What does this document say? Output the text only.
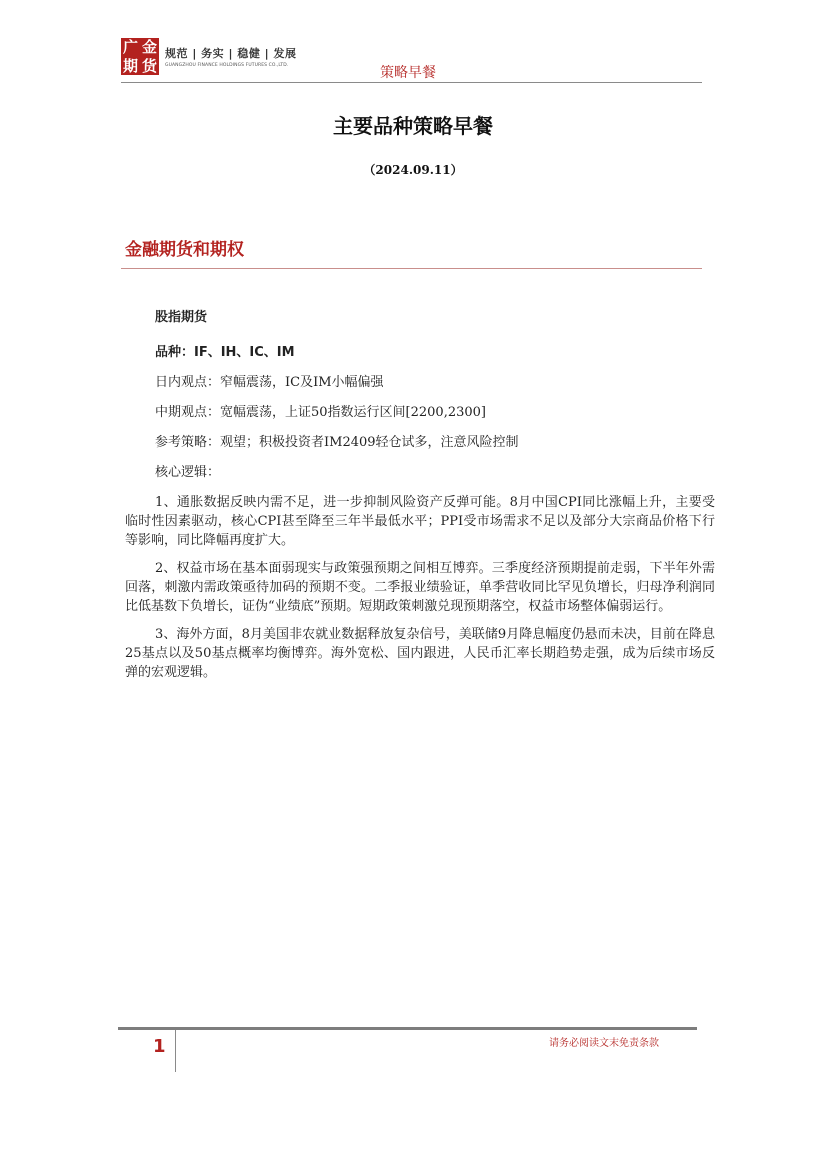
广 金
期 货
规范 | 务实 | 稳健 | 发展
GUANGZHOU FINANCE HOLDINGS FUTURES CO.,LTD.	策略早餐
主要品种策略早餐
（2024.09.11）
金融期货和期权

股指期货

品种：IF、IH、IC、IM

日内观点：窄幅震荡，IC及IM小幅偏强

中期观点：宽幅震荡，上证50指数运行区间[2200,2300]

参考策略：观望；积极投资者IM2409轻仓试多，注意风险控制

核心逻辑：

1、通胀数据反映内需不足，进一步抑制风险资产反弹可能。8月中国CPI同比涨幅上升，主要受临时性因素驱动，核心CPI甚至降至三年半最低水平；PPI受市场需求不足以及部分大宗商品价格下行等影响，同比降幅再度扩大。

2、权益市场在基本面弱现实与政策强预期之间相互博弈。三季度经济预期提前走弱，下半年外需回落，刺激内需政策亟待加码的预期不变。二季报业绩验证，单季营收同比罕见负增长，归母净利润同比低基数下负增长，证伪“业绩底”预期。短期政策刺激兑现预期落空，权益市场整体偏弱运行。

3、海外方面，8月美国非农就业数据释放复杂信号，美联储9月降息幅度仍悬而未决，目前在降息25基点以及50基点概率均衡博弈。海外宽松、国内跟进，人民币汇率长期趋势走强，成为后续市场反弹的宏观逻辑。

1	请务必阅读文末免责条款
